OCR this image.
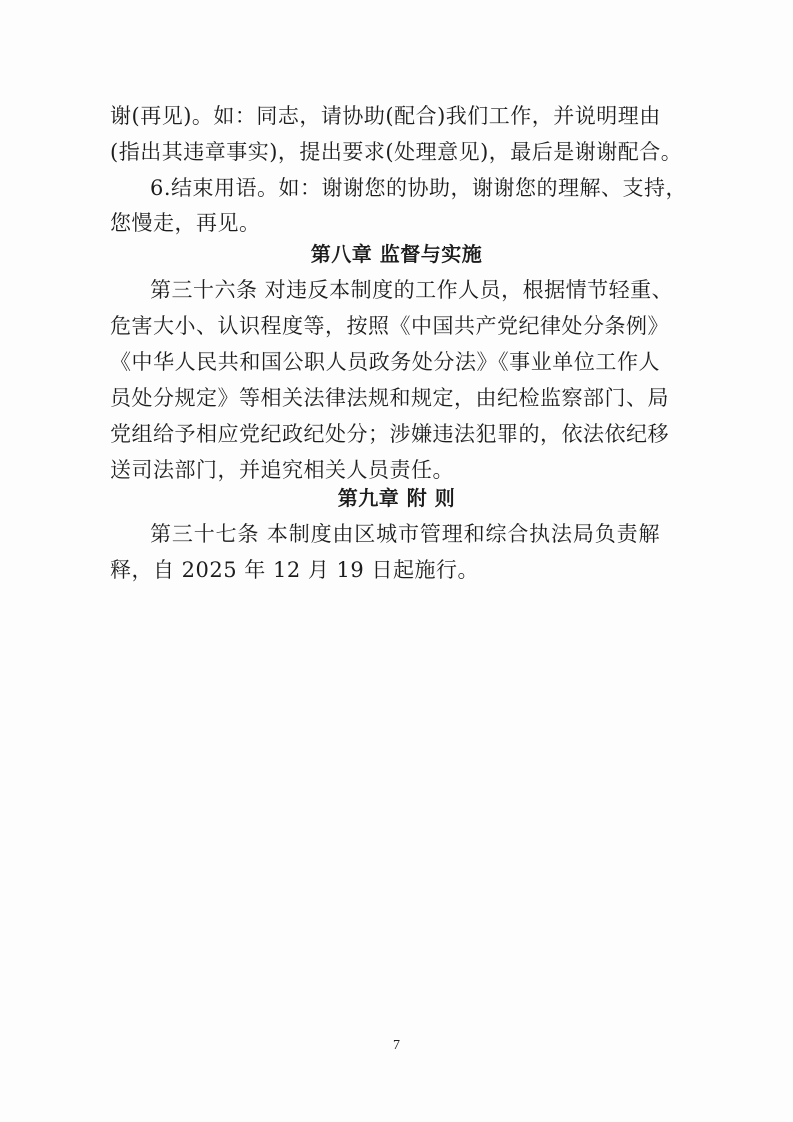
谢(再见)。如：同志，请协助(配合)我们工作，并说明理由
(指出其违章事实)，提出要求(处理意见)，最后是谢谢配合。
6.结束用语。如：谢谢您的协助，谢谢您的理解、支持，
您慢走，再见。
第八章 监督与实施
第三十六条 对违反本制度的工作人员，根据情节轻重、
危害大小、认识程度等，按照《中国共产党纪律处分条例》
《中华人民共和国公职人员政务处分法》《事业单位工作人
员处分规定》等相关法律法规和规定，由纪检监察部门、局
党组给予相应党纪政纪处分；涉嫌违法犯罪的，依法依纪移
送司法部门，并追究相关人员责任。
第九章 附 则
第三十七条 本制度由区城市管理和综合执法局负责解
释，自 2025 年 12 月 19 日起施行。
7
